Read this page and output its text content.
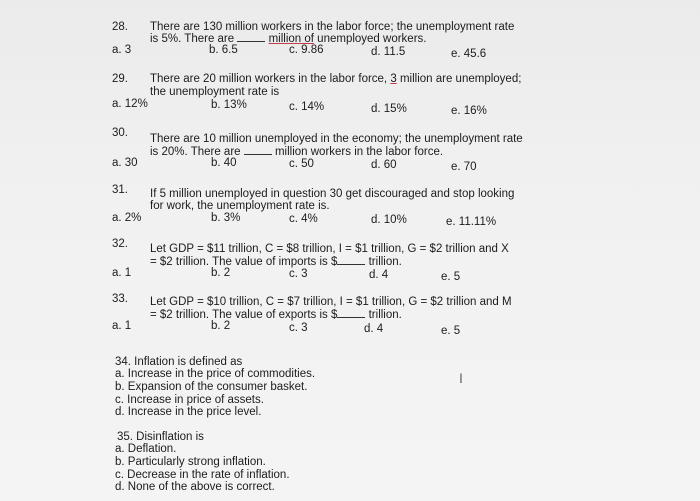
28. There are 130 million workers in the labor force; the unemployment rate
is 5%. There are	million of unemployed workers.
a. 3	b. 6.5	c. 9.86	d. 11.5	e. 45.6
29. There are 20 million workers in the labor force, 3 million are unemployed;
the unemployment rate is
a. 12%	b. 13%	c. 14%	d. 15%	e. 16%
30. There are 10 million unemployed in the economy; the unemployment rate
is 20%. There are	million workers in the labor force.
a. 30	b. 40	c. 50	d. 60	e. 70
31. If 5 million unemployed in question 30 get discouraged and stop looking
for work, the unemployment rate is.
a. 2%	b. 3%	c. 4%	d. 10%	e. 11.11%
32. Let GDP = $11 trillion, C = $8 trillion, I = $1 trillion, G = $2 trillion and X
= $2 trillion. The value of imports is $	trillion.
a. 1	b. 2	c. 3	d. 4	e. 5
33. Let GDP = $10 trillion, C = $7 trillion, I = $1 trillion, G = $2 trillion and M
= $2 trillion. The value of exports is $	trillion.
a. 1	b. 2	c. 3	d. 4	e. 5
34. Inflation is defined as
a. Increase in the price of commodities.
b. Expansion of the consumer basket.
c. Increase in price of assets.
d. Increase in the price level.
35. Disinflation is
a. Deflation.
b. Particularly strong inflation.
c. Decrease in the rate of inflation.
d. None of the above is correct.
I
